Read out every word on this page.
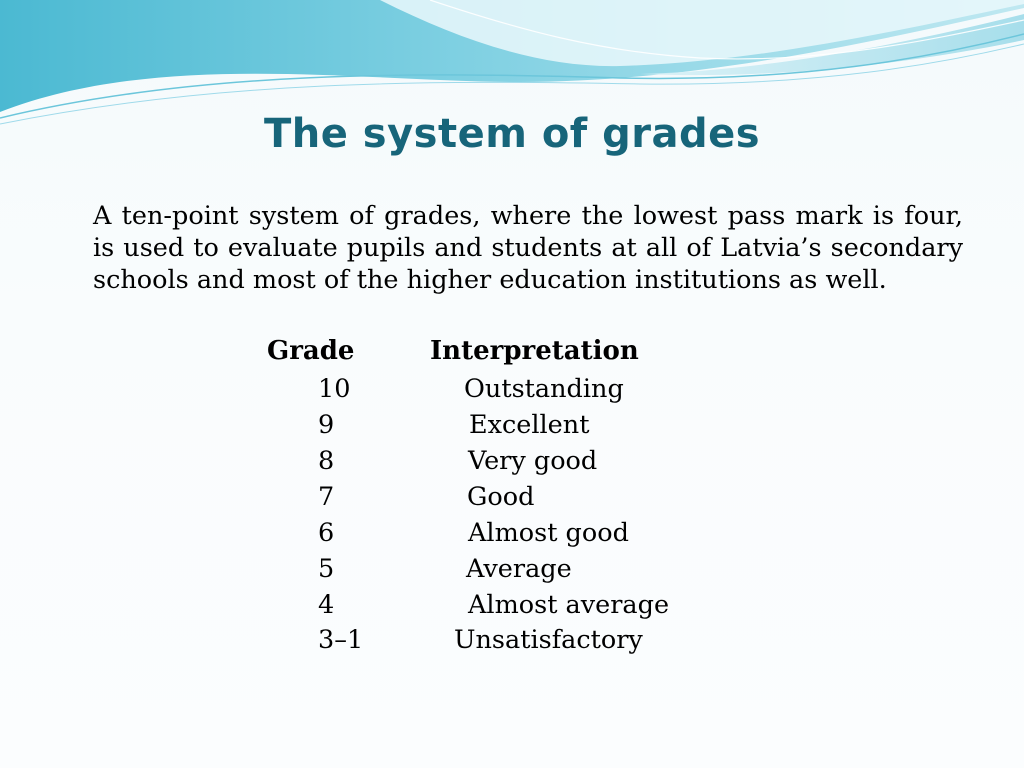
The system of grades

A ten-point system of grades, where the lowest pass mark is four, is used to evaluate pupils and students at all of Latvia’s secondary schools and most of the higher education institutions as well.

Grade	Interpretation
10	Outstanding
9	Excellent
8	Very good
7	Good
6	Almost good
5	Average
4	Almost average
3–1	Unsatisfactory
